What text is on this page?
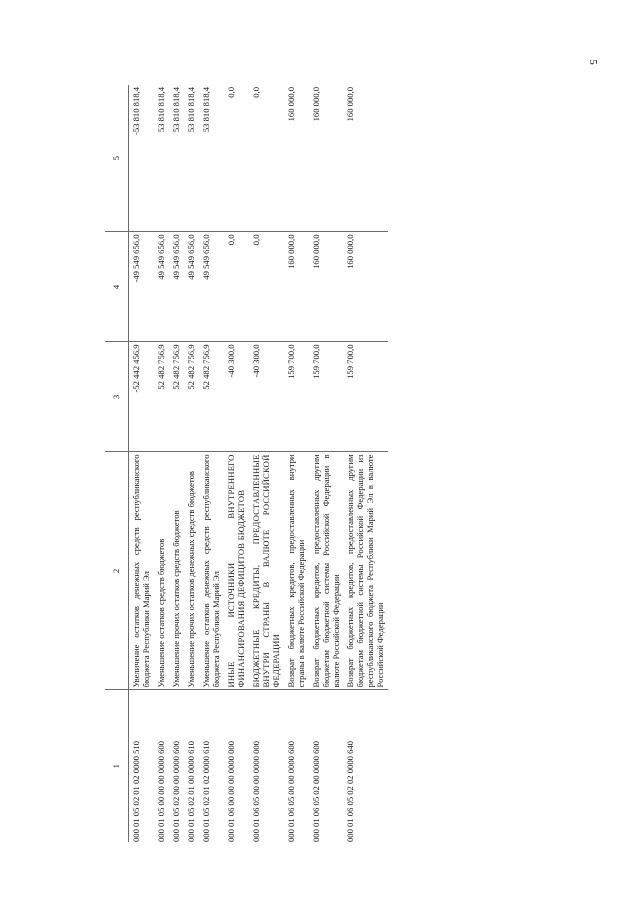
5
1	2	3	4	5
000 01 05 02 01 02 0000 510	Увеличение остатков денежных средств республиканского бюджета Республики Марий Эл	-52 442 456,9	-49 549 656,0	-53 810 818,4
000 01 05 00 00 00 0000 600	Уменьшение остатков средств бюджетов	52 482 756,9	49 549 656,0	53 810 818,4
000 01 05 02 00 00 0000 600	Уменьшение прочих остатков средств бюджетов	52 482 756,9	49 549 656,0	53 810 818,4
000 01 05 02 01 00 0000 610	Уменьшение прочих остатков денежных средств бюджетов	52 482 756,9	49 549 656,0	53 810 818,4
000 01 05 02 01 02 0000 610	Уменьшение остатков денежных средств республиканского бюджета Республики Марий Эл	52 482 756,9	49 549 656,0	53 810 818,4
000 01 06 00 00 00 0000 000	ИНЫЕ ИСТОЧНИКИ ВНУТРЕННЕГО ФИНАНСИРОВАНИЯ ДЕФИЦИТОВ БЮДЖЕТОВ	-40 300,0	0,0	0,0
000 01 06 05 00 00 0000 000	БЮДЖЕТНЫЕ КРЕДИТЫ, ПРЕДОСТАВЛЕННЫЕ ВНУТРИ СТРАНЫ В ВАЛЮТЕ РОССИЙСКОЙ ФЕДЕРАЦИИ	-40 300,0	0,0	0,0
000 01 06 05 00 00 0000 600	Возврат бюджетных кредитов, предоставленных внутри страны в валюте Российской Федерации	159 700,0	160 000,0	160 000,0
000 01 06 05 02 00 0000 600	Возврат бюджетных кредитов, предоставленных другим бюджетам бюджетной системы Российской Федерации в валюте Российской Федерации	159 700,0	160 000,0	160 000,0
000 01 06 05 02 02 0000 640	Возврат бюджетных кредитов, предоставленных другим бюджетам бюджетной системы Российской Федерации из республиканского бюджета Республики Марий Эл в валюте Российской Федерации	159 700,0	160 000,0	160 000,0
